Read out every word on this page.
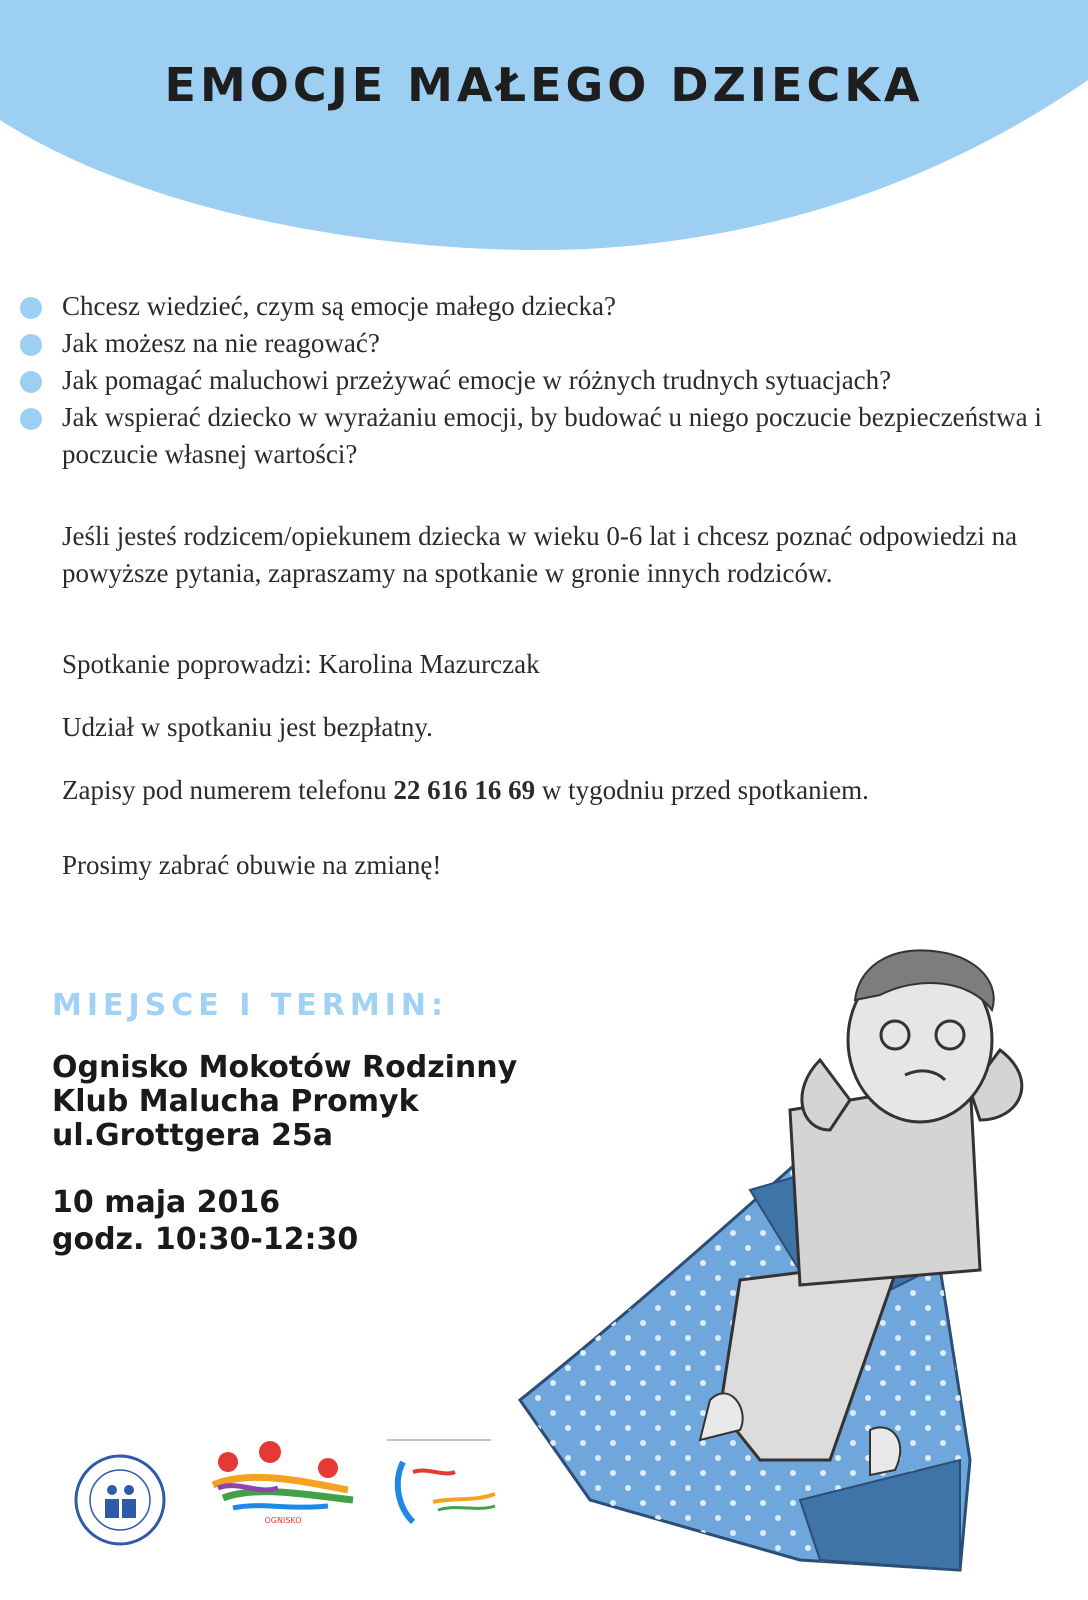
EMOCJE MAŁEGO DZIECKA
Chcesz wiedzieć, czym są emocje małego dziecka?
Jak możesz na nie reagować?
Jak pomagać maluchowi przeżywać emocje w różnych trudnych sytuacjach?
Jak wspierać dziecko w wyrażaniu emocji, by budować u niego poczucie bezpieczeństwa i poczucie własnej wartości?

Jeśli jesteś rodzicem/opiekunem dziecka w wieku 0-6 lat i chcesz poznać odpowiedzi na powyższe pytania, zapraszamy na spotkanie w gronie innych rodziców.

Spotkanie poprowadzi: Karolina Mazurczak

Udział w spotkaniu jest bezpłatny.

Zapisy pod numerem telefonu 22 616 16 69 w tygodniu przed spotkaniem.

Prosimy zabrać obuwie na zmianę!

MIEJSCE I TERMIN:

Ognisko Mokotów Rodzinny

Klub Malucha Promyk

ul.Grottgera 25a

10 maja 2016

godz. 10:30-12:30

OGNISKO
